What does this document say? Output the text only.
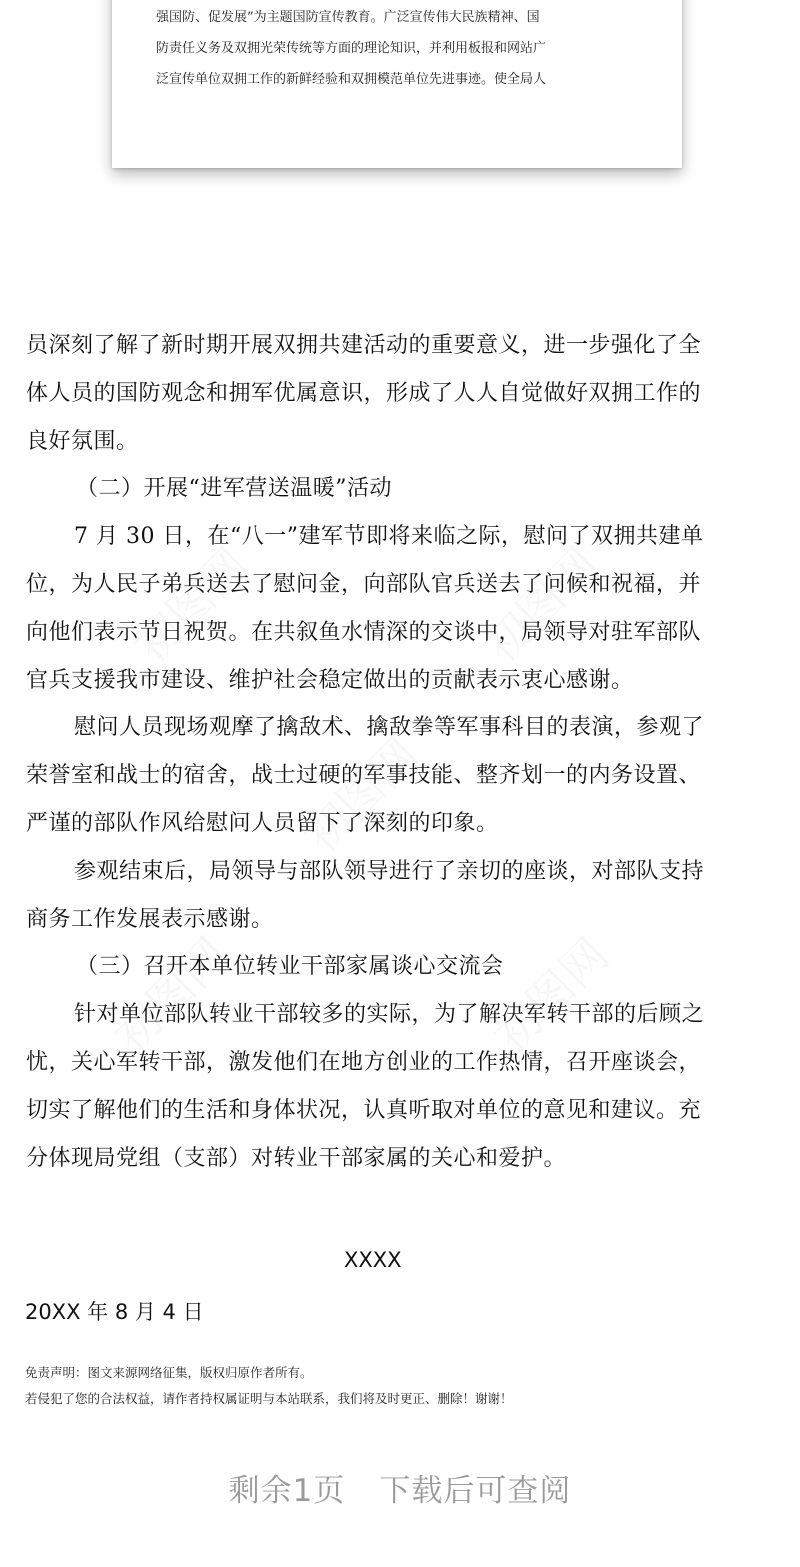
强国防、促发展”为主题国防宣传教育。广泛宣传伟大民族精神、国

防责任义务及双拥光荣传统等方面的理论知识，并利用板报和网站广

泛宣传单位双拥工作的新鲜经验和双拥模范单位先进事迹。使全局人

员深刻了解了新时期开展双拥共建活动的重要意义，进一步强化了全

体人员的国防观念和拥军优属意识，形成了人人自觉做好双拥工作的

良好氛围。

（二）开展“进军营送温暖”活动

7 月 30 日，在“八一”建军节即将来临之际，慰问了双拥共建单

位，为人民子弟兵送去了慰问金，向部队官兵送去了问候和祝福，并

向他们表示节日祝贺。在共叙鱼水情深的交谈中，局领导对驻军部队

官兵支援我市建设、维护社会稳定做出的贡献表示衷心感谢。

慰问人员现场观摩了擒敌术、擒敌拳等军事科目的表演，参观了

荣誉室和战士的宿舍，战士过硬的军事技能、整齐划一的内务设置、

严谨的部队作风给慰问人员留下了深刻的印象。

参观结束后，局领导与部队领导进行了亲切的座谈，对部队支持

商务工作发展表示感谢。

（三）召开本单位转业干部家属谈心交流会

针对单位部队转业干部较多的实际，为了解决军转干部的后顾之

忧，关心军转干部，激发他们在地方创业的工作热情，召开座谈会，

切实了解他们的生活和身体状况，认真听取对单位的意见和建议。充

分体现局党组（支部）对转业干部家属的关心和爱护。

XXXX
20XX 年 8 月 4 日

免责声明：图文来源网络征集，版权归原作者所有。

若侵犯了您的合法权益，请作者持权属证明与本站联系，我们将及时更正、删除！谢谢！

剩余1页 下载后可查阅
